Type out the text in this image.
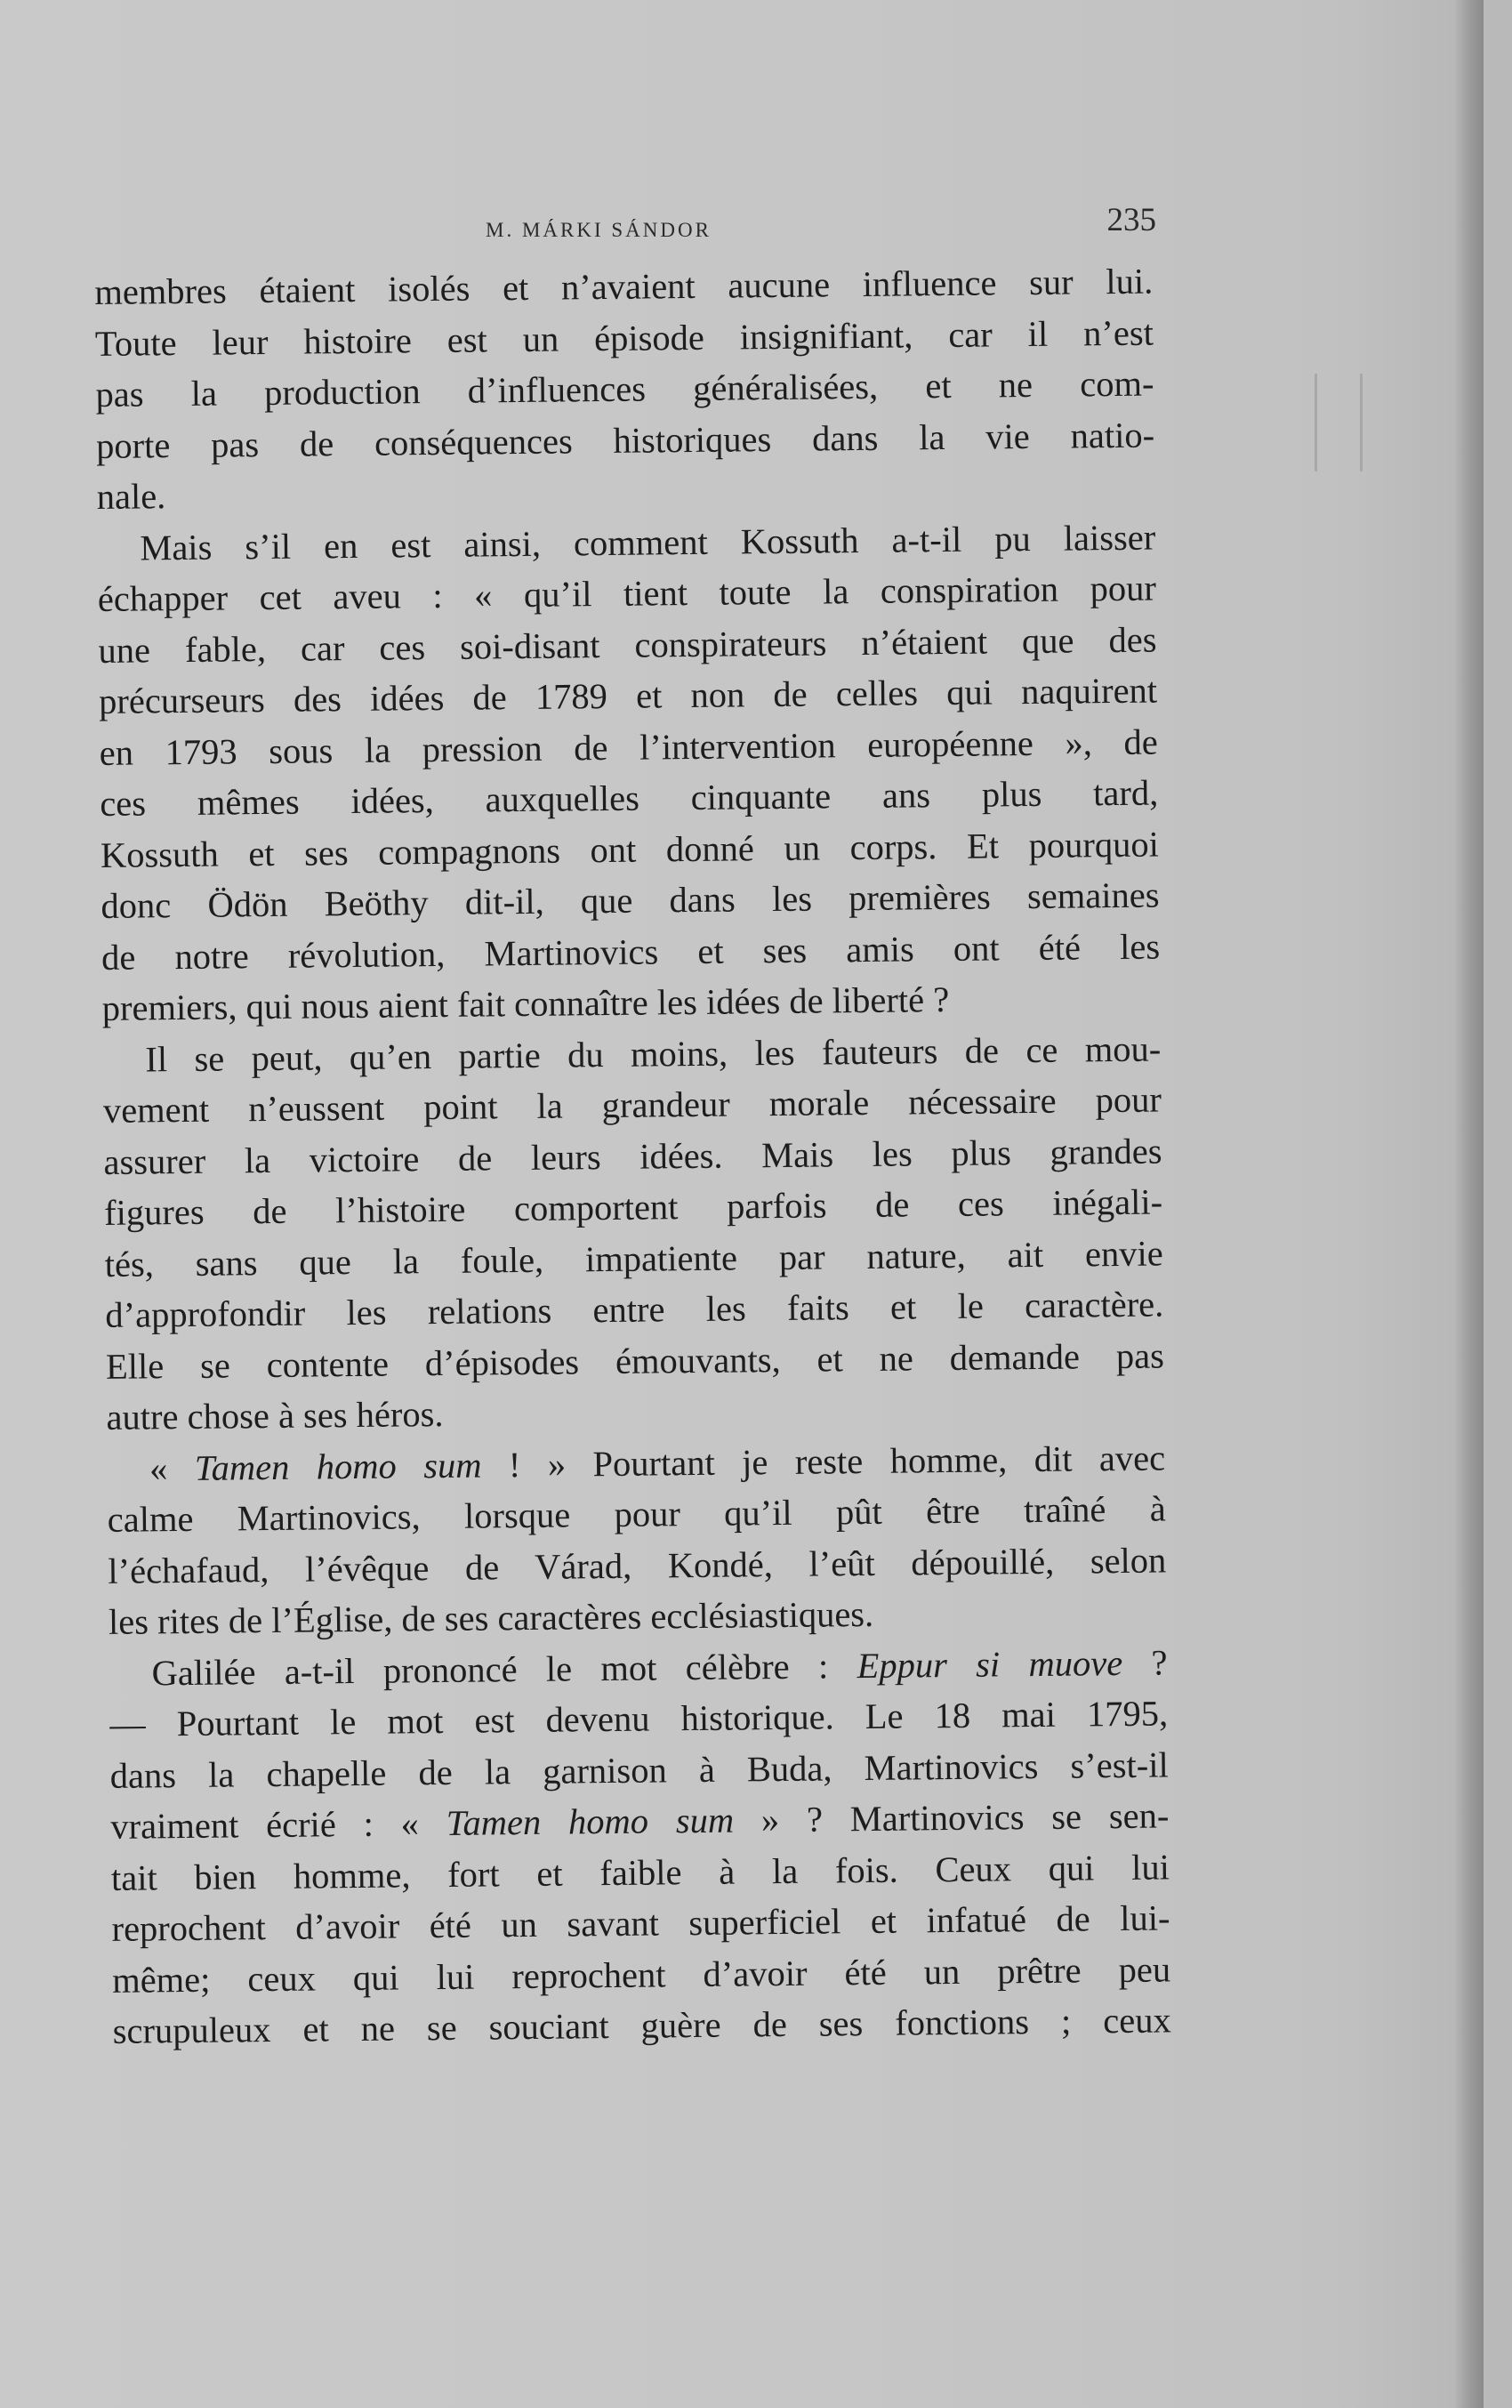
M. MÁRKI SÁNDOR	235
membres étaient isolés et n’avaient aucune influence sur lui.
Toute leur histoire est un épisode insignifiant, car il n’est
pas la production d’influences généralisées, et ne com-
porte pas de conséquences historiques dans la vie natio-
nale.
Mais s’il en est ainsi, comment Kossuth a-t-il pu laisser
échapper cet aveu : « qu’il tient toute la conspiration pour
une fable, car ces soi-disant conspirateurs n’étaient que des
précurseurs des idées de 1789 et non de celles qui naquirent
en 1793 sous la pression de l’intervention européenne », de
ces mêmes idées, auxquelles cinquante ans plus tard,
Kossuth et ses compagnons ont donné un corps. Et pourquoi
donc Ödön Beöthy dit-il, que dans les premières semaines
de notre révolution, Martinovics et ses amis ont été les
premiers, qui nous aient fait connaître les idées de liberté ?
Il se peut, qu’en partie du moins, les fauteurs de ce mou-
vement n’eussent point la grandeur morale nécessaire pour
assurer la victoire de leurs idées. Mais les plus grandes
figures de l’histoire comportent parfois de ces inégali-
tés, sans que la foule, impatiente par nature, ait envie
d’approfondir les relations entre les faits et le caractère.
Elle se contente d’épisodes émouvants, et ne demande pas
autre chose à ses héros.
« Tamen homo sum ! » Pourtant je reste homme, dit avec
calme Martinovics, lorsque pour qu’il pût être traîné à
l’échafaud, l’évêque de Várad, Kondé, l’eût dépouillé, selon
les rites de l’Église, de ses caractères ecclésiastiques.
Galilée a-t-il prononcé le mot célèbre : Eppur si muove ?
— Pourtant le mot est devenu historique. Le 18 mai 1795,
dans la chapelle de la garnison à Buda, Martinovics s’est-il
vraiment écrié : « Tamen homo sum » ? Martinovics se sen-
tait bien homme, fort et faible à la fois. Ceux qui lui
reprochent d’avoir été un savant superficiel et infatué de lui-
même; ceux qui lui reprochent d’avoir été un prêtre peu
scrupuleux et ne se souciant guère de ses fonctions ; ceux
